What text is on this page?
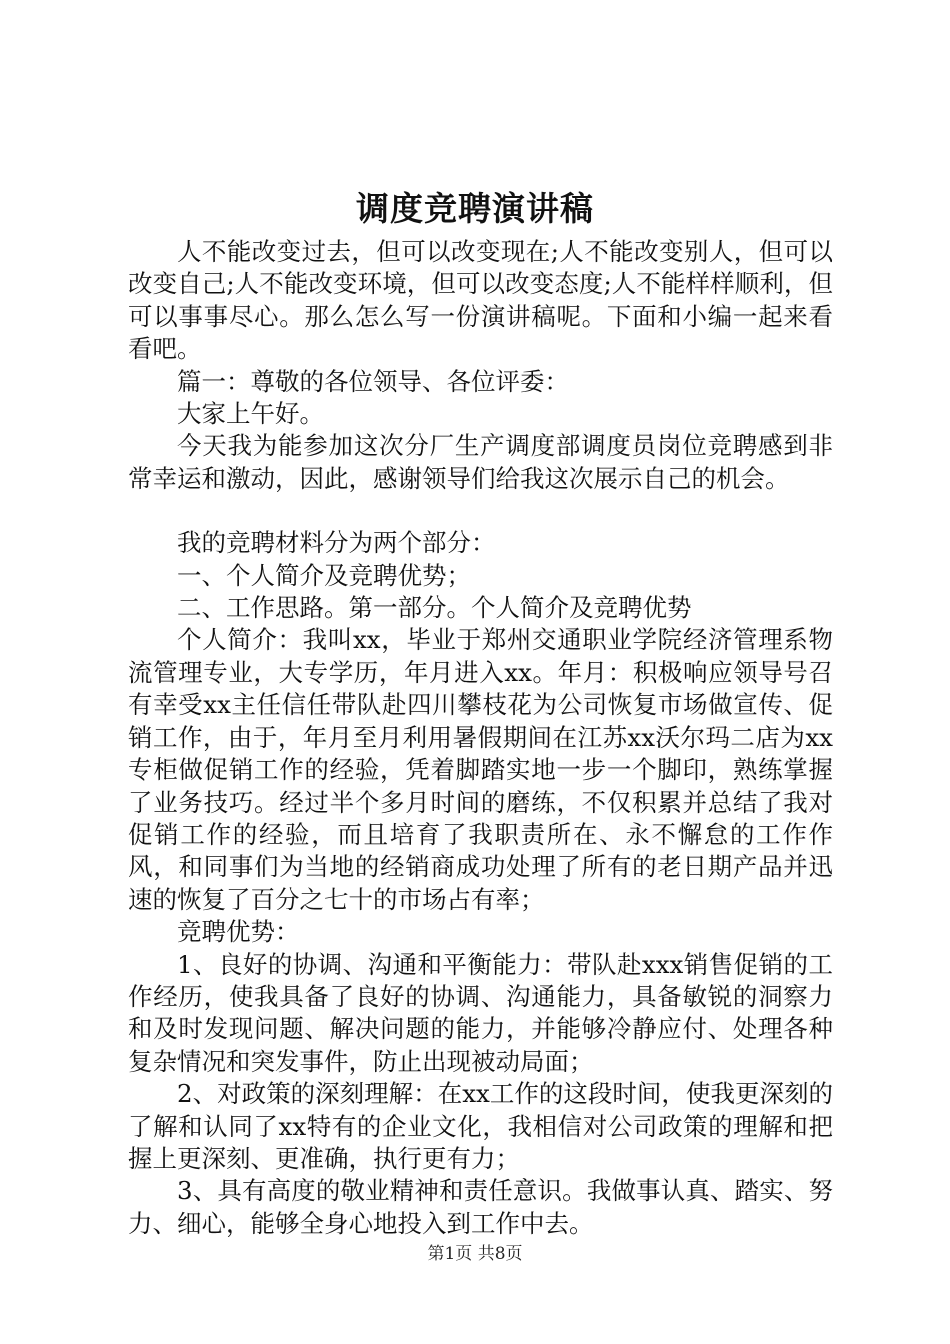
调度竞聘演讲稿

人不能改变过去，但可以改变现在;人不能改变别人，但可以改变自己;人不能改变环境，但可以改变态度;人不能样样顺利，但可以事事尽心。那么怎么写一份演讲稿呢。下面和小编一起来看看吧。

篇一：尊敬的各位领导、各位评委：

大家上午好。

今天我为能参加这次分厂生产调度部调度员岗位竞聘感到非常幸运和激动，因此，感谢领导们给我这次展示自己的机会。

我的竞聘材料分为两个部分：

一、个人简介及竞聘优势；

二、工作思路。第一部分。个人简介及竞聘优势

个人简介：我叫xx，毕业于郑州交通职业学院经济管理系物流管理专业，大专学历，年月进入xx。年月：积极响应领导号召有幸受xx主任信任带队赴四川攀枝花为公司恢复市场做宣传、促销工作，由于，年月至月利用暑假期间在江苏xx沃尔玛二店为xx专柜做促销工作的经验，凭着脚踏实地一步一个脚印，熟练掌握了业务技巧。经过半个多月时间的磨练，不仅积累并总结了我对促销工作的经验，而且培育了我职责所在、永不懈怠的工作作风，和同事们为当地的经销商成功处理了所有的老日期产品并迅速的恢复了百分之七十的市场占有率；

竞聘优势：

1、良好的协调、沟通和平衡能力：带队赴xxx销售促销的工作经历，使我具备了良好的协调、沟通能力，具备敏锐的洞察力和及时发现问题、解决问题的能力，并能够冷静应付、处理各种复杂情况和突发事件，防止出现被动局面；

2、对政策的深刻理解：在xx工作的这段时间，使我更深刻的了解和认同了xx特有的企业文化，我相信对公司政策的理解和把握上更深刻、更准确，执行更有力；

3、具有高度的敬业精神和责任意识。我做事认真、踏实、努力、细心，能够全身心地投入到工作中去。

第1页 共8页
